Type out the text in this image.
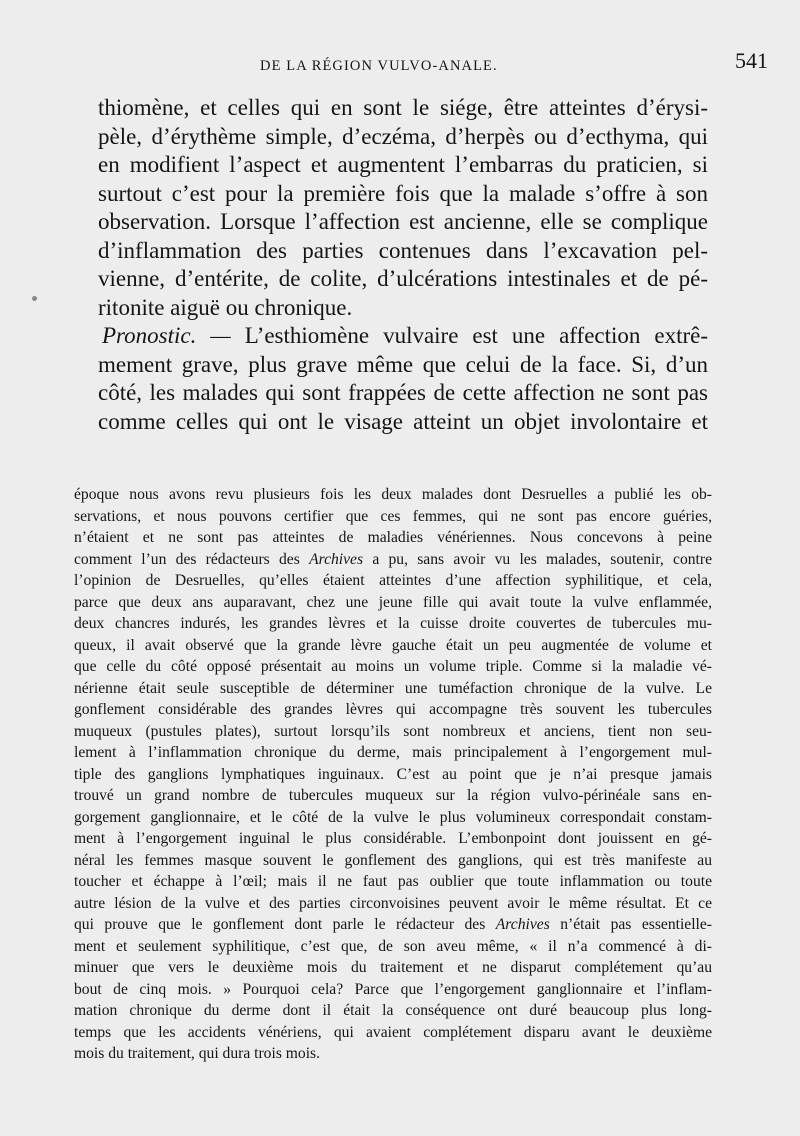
DE LA RÉGION VULVO-ANALE.	541
thiomène, et celles qui en sont le siége, être atteintes d’érysi-
pèle, d’érythème simple, d’eczéma, d’herpès ou d’ecthyma, qui
en modifient l’aspect et augmentent l’embarras du praticien, si
surtout c’est pour la première fois que la malade s’offre à son
observation. Lorsque l’affection est ancienne, elle se complique
d’inflammation des parties contenues dans l’excavation pel-
vienne, d’entérite, de colite, d’ulcérations intestinales et de pé-
ritonite aiguë ou chronique.
Pronostic. — L’esthiomène vulvaire est une affection extrê-
mement grave, plus grave même que celui de la face. Si, d’un
côté, les malades qui sont frappées de cette affection ne sont pas
comme celles qui ont le visage atteint un objet involontaire et
époque nous avons revu plusieurs fois les deux malades dont Desruelles a publié les ob-
servations, et nous pouvons certifier que ces femmes, qui ne sont pas encore guéries,
n’étaient et ne sont pas atteintes de maladies vénériennes. Nous concevons à peine
comment l’un des rédacteurs des Archives a pu, sans avoir vu les malades, soutenir, contre
l’opinion de Desruelles, qu’elles étaient atteintes d’une affection syphilitique, et cela,
parce que deux ans auparavant, chez une jeune fille qui avait toute la vulve enflammée,
deux chancres indurés, les grandes lèvres et la cuisse droite couvertes de tubercules mu-
queux, il avait observé que la grande lèvre gauche était un peu augmentée de volume et
que celle du côté opposé présentait au moins un volume triple. Comme si la maladie vé-
nérienne était seule susceptible de déterminer une tuméfaction chronique de la vulve. Le
gonflement considérable des grandes lèvres qui accompagne très souvent les tubercules
muqueux (pustules plates), surtout lorsqu’ils sont nombreux et anciens, tient non seu-
lement à l’inflammation chronique du derme, mais principalement à l’engorgement mul-
tiple des ganglions lymphatiques inguinaux. C’est au point que je n’ai presque jamais
trouvé un grand nombre de tubercules muqueux sur la région vulvo-périnéale sans en-
gorgement ganglionnaire, et le côté de la vulve le plus volumineux correspondait constam-
ment à l’engorgement inguinal le plus considérable. L’embonpoint dont jouissent en gé-
néral les femmes masque souvent le gonflement des ganglions, qui est très manifeste au
toucher et échappe à l’œil; mais il ne faut pas oublier que toute inflammation ou toute
autre lésion de la vulve et des parties circonvoisines peuvent avoir le même résultat. Et ce
qui prouve que le gonflement dont parle le rédacteur des Archives n’était pas essentielle-
ment et seulement syphilitique, c’est que, de son aveu même, « il n’a commencé à di-
minuer que vers le deuxième mois du traitement et ne disparut complétement qu’au
bout de cinq mois. » Pourquoi cela? Parce que l’engorgement ganglionnaire et l’inflam-
mation chronique du derme dont il était la conséquence ont duré beaucoup plus long-
temps que les accidents vénériens, qui avaient complétement disparu avant le deuxième
mois du traitement, qui dura trois mois.
